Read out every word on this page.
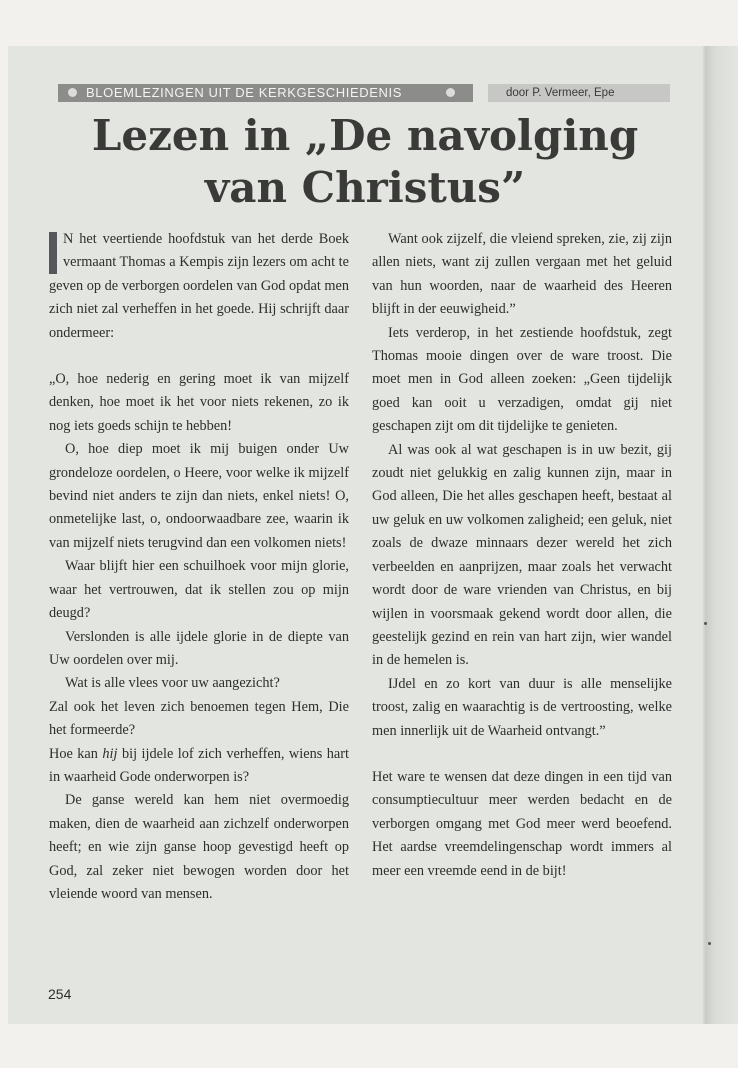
BLOEMLEZINGEN UIT DE KERKGESCHIEDENIS	door P. Vermeer, Epe
Lezen in „De navolging
van Christus”

N het veertiende hoofdstuk van het derde Boek vermaant Thomas a Kempis zijn lezers om acht te geven op de verborgen oordelen van God opdat men zich niet zal verheffen in het goede. Hij schrijft daar ondermeer:

„O, hoe nederig en gering moet ik van mijzelf denken, hoe moet ik het voor niets rekenen, zo ik nog iets goeds schijn te hebben!

O, hoe diep moet ik mij buigen onder Uw grondeloze oordelen, o Heere, voor welke ik mijzelf bevind niet anders te zijn dan niets, enkel niets! O, onmetelijke last, o, ondoorwaadbare zee, waarin ik van mijzelf niets terugvind dan een volkomen niets!

Waar blijft hier een schuilhoek voor mijn glorie, waar het vertrouwen, dat ik stellen zou op mijn deugd?

Verslonden is alle ijdele glorie in de diepte van Uw oordelen over mij.

Wat is alle vlees voor uw aangezicht?

Zal ook het leven zich benoemen tegen Hem, Die het formeerde?

Hoe kan hij bij ijdele lof zich verheffen, wiens hart in waarheid Gode onderworpen is?

De ganse wereld kan hem niet overmoedig maken, dien de waarheid aan zichzelf onderworpen heeft; en wie zijn ganse hoop gevestigd heeft op God, zal zeker niet bewogen worden door het vleiende woord van mensen.

Want ook zijzelf, die vleiend spreken, zie, zij zijn allen niets, want zij zullen vergaan met het geluid van hun woorden, naar de waarheid des Heeren blijft in der eeuwigheid.”

Iets verderop, in het zestiende hoofdstuk, zegt Thomas mooie dingen over de ware troost. Die moet men in God alleen zoeken: „Geen tijdelijk goed kan ooit u verzadigen, omdat gij niet geschapen zijt om dit tijdelijke te genieten.

Al was ook al wat geschapen is in uw bezit, gij zoudt niet gelukkig en zalig kunnen zijn, maar in God alleen, Die het alles geschapen heeft, bestaat al uw geluk en uw volkomen zaligheid; een geluk, niet zoals de dwaze minnaars dezer wereld het zich verbeelden en aanprijzen, maar zoals het verwacht wordt door de ware vrienden van Christus, en bij wijlen in voorsmaak gekend wordt door allen, die geestelijk gezind en rein van hart zijn, wier wandel in de hemelen is.

IJdel en zo kort van duur is alle menselijke troost, zalig en waarachtig is de vertroosting, welke men innerlijk uit de Waarheid ontvangt.”

Het ware te wensen dat deze dingen in een tijd van consumptiecultuur meer werden bedacht en de verborgen omgang met God meer werd beoefend. Het aardse vreemdelingenschap wordt immers al meer een vreemde eend in de bijt!

254
